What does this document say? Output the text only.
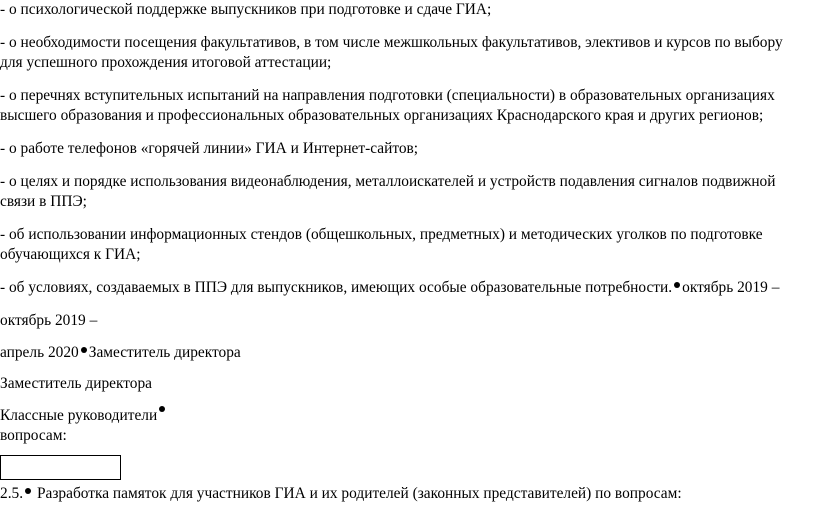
- о психологической поддержке выпускников при подготовке и сдаче ГИА;
- о необходимости посещения факультативов, в том числе межшкольных факультативов, элективов и курсов по выбору
для успешного прохождения итоговой аттестации;
- о перечнях вступительных испытаний на направления подготовки (специальности) в образовательных организациях
высшего образования и профессиональных образовательных организациях Краснодарского края и других регионов;
- о работе телефонов «горячей линии» ГИА и Интернет-сайтов;
- о целях и порядке использования видеонаблюдения, металлоискателей и устройств подавления сигналов подвижной
связи в ППЭ;
- об использовании информационных стендов (общешкольных, предметных) и методических уголков по подготовке
обучающихся к ГИА;
- об условиях, создаваемых в ППЭ для выпускников, имеющих особые образовательные потребности. октябрь 2019 –
октябрь 2019 –
апрель 2020 Заместитель директора
Заместитель директора
Классные руководители
вопросам:
2.5. Разработка памяток для участников ГИА и их родителей (законных представителей) по вопросам:
